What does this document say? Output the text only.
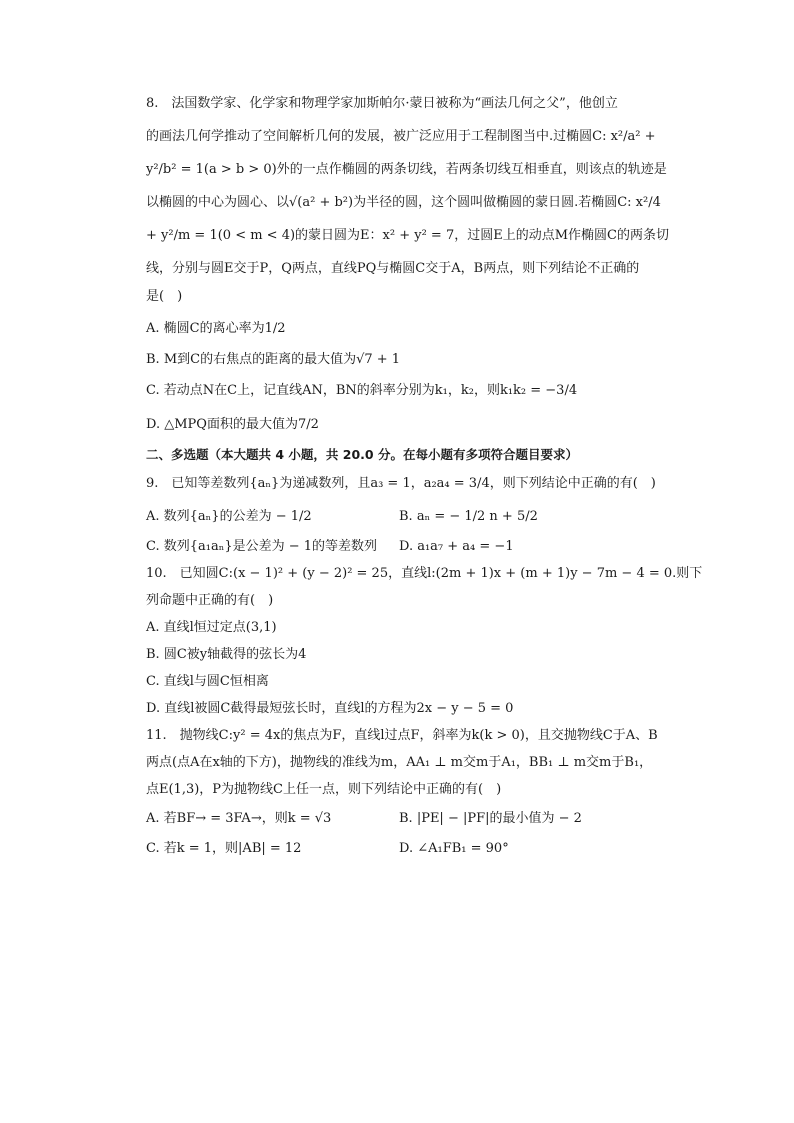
8.　法国数学家、化学家和物理学家加斯帕尔·蒙日被称为“画法几何之父”，他创立

的画法几何学推动了空间解析几何的发展，被广泛应用于工程制图当中.过椭圆C: x²/a² +

y²/b² = 1(a > b > 0)外的一点作椭圆的两条切线，若两条切线互相垂直，则该点的轨迹是

以椭圆的中心为圆心、以√(a² + b²)为半径的圆，这个圆叫做椭圆的蒙日圆.若椭圆C: x²/4

+ y²/m = 1(0 < m < 4)的蒙日圆为E：x² + y² = 7，过圆E上的动点M作椭圆C的两条切

线，分别与圆E交于P，Q两点，直线PQ与椭圆C交于A，B两点，则下列结论不正确的

是(　)

A. 椭圆C的离心率为1/2
B. M到C的右焦点的距离的最大值为√7 + 1
C. 若动点N在C上，记直线AN，BN的斜率分别为k₁，k₂，则k₁k₂ = −3/4
D. △MPQ面积的最大值为7/2
二、多选题（本大题共 4 小题，共 20.0 分。在每小题有多项符合题目要求）

9.　已知等差数列{aₙ}为递减数列，且a₃ = 1，a₂a₄ = 3/4，则下列结论中正确的有(　)

A. 数列{aₙ}的公差为 − 1/2	B. aₙ = − 1/2 n + 5/2
C. 数列{a₁aₙ}是公差为 − 1的等差数列	D. a₁a₇ + a₄ = −1

10.　已知圆C:(x − 1)² + (y − 2)² = 25，直线l:(2m + 1)x + (m + 1)y − 7m − 4 = 0.则下

列命题中正确的有(　)

A. 直线l恒过定点(3,1)
B. 圆C被y轴截得的弦长为4
C. 直线l与圆C恒相离
D. 直线l被圆C截得最短弦长时，直线l的方程为2x − y − 5 = 0

11.　抛物线C:y² = 4x的焦点为F，直线l过点F，斜率为k(k > 0)，且交抛物线C于A、B

两点(点A在x轴的下方)，抛物线的准线为m，AA₁ ⊥ m交m于A₁，BB₁ ⊥ m交m于B₁，

点E(1,3)，P为抛物线C上任一点，则下列结论中正确的有(　)

A. 若BF→ = 3FA→，则k = √3	B. |PE| − |PF|的最小值为 − 2
C. 若k = 1，则|AB| = 12	D. ∠A₁FB₁ = 90°
